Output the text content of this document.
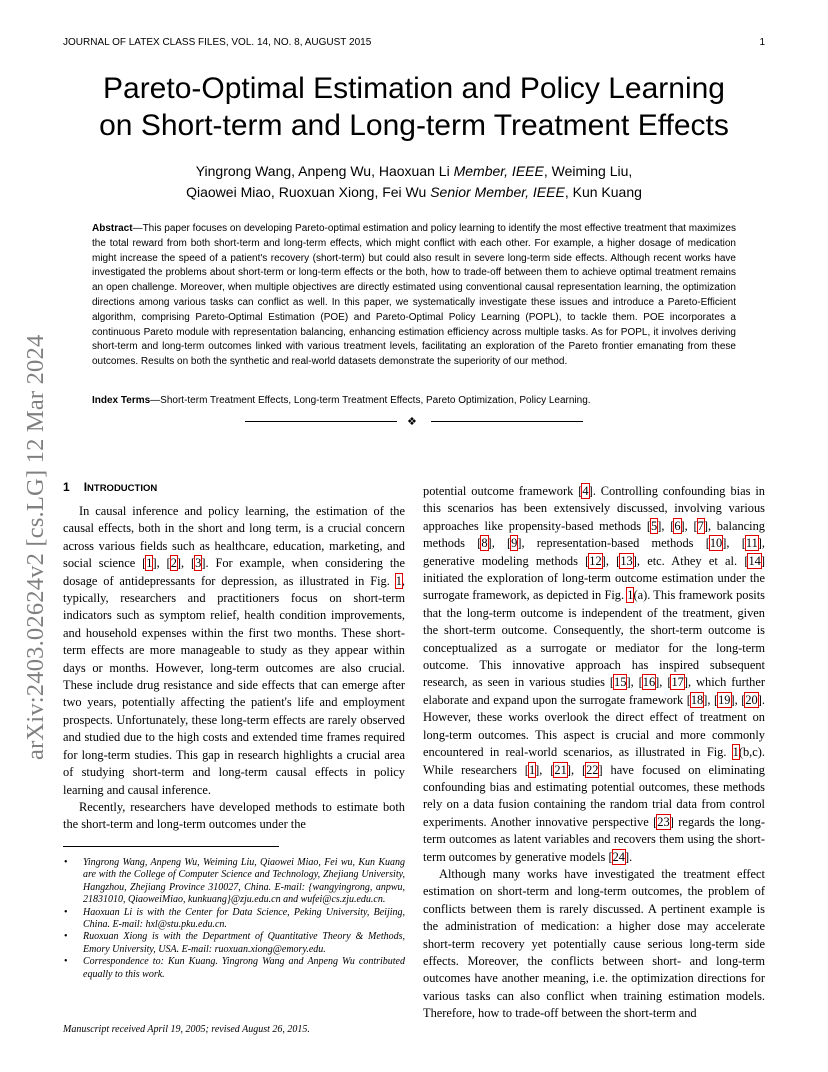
JOURNAL OF LATEX CLASS FILES, VOL. 14, NO. 8, AUGUST 2015	1
arXiv:2403.02624v2 [cs.LG] 12 Mar 2024
Pareto-Optimal Estimation and Policy Learning
on Short-term and Long-term Treatment Effects
Yingrong Wang, Anpeng Wu, Haoxuan Li Member, IEEE, Weiming Liu,
Qiaowei Miao, Ruoxuan Xiong, Fei Wu Senior Member, IEEE, Kun Kuang
Abstract—This paper focuses on developing Pareto-optimal estimation and policy learning to identify the most effective treatment that maximizes the total reward from both short-term and long-term effects, which might conflict with each other. For example, a higher dosage of medication might increase the speed of a patient's recovery (short-term) but could also result in severe long-term side effects. Although recent works have investigated the problems about short-term or long-term effects or the both, how to trade-off between them to achieve optimal treatment remains an open challenge. Moreover, when multiple objectives are directly estimated using conventional causal representation learning, the optimization directions among various tasks can conflict as well. In this paper, we systematically investigate these issues and introduce a Pareto-Efficient algorithm, comprising Pareto-Optimal Estimation (POE) and Pareto-Optimal Policy Learning (POPL), to tackle them. POE incorporates a continuous Pareto module with representation balancing, enhancing estimation efficiency across multiple tasks. As for POPL, it involves deriving short-term and long-term outcomes linked with various treatment levels, facilitating an exploration of the Pareto frontier emanating from these outcomes. Results on both the synthetic and real-world datasets demonstrate the superiority of our method.
Index Terms—Short-term Treatment Effects, Long-term Treatment Effects, Pareto Optimization, Policy Learning.
❖
1 INTRODUCTION

In causal inference and policy learning, the estimation of the causal effects, both in the short and long term, is a crucial concern across various fields such as healthcare, education, marketing, and social science [ 1 ] , [ 2 ] , [ 3 ] . For example, when considering the dosage of antidepressants for depression, as illustrated in Fig. 1, typically, researchers and practitioners focus on short-term indicators such as symptom relief, health condition improvements, and household expenses within the first two months. These short-term effects are more manageable to study as they appear within days or months. However, long-term outcomes are also crucial. These include drug resistance and side effects that can emerge after two years, potentially affecting the patient's life and employment prospects. Unfortunately, these long-term effects are rarely observed and studied due to the high costs and extended time frames required for long-term studies. This gap in research highlights a crucial area of studying short-term and long-term causal effects in policy learning and causal inference.

Recently, researchers have developed methods to estimate both the short-term and long-term outcomes under the

potential outcome framework [ 4 ] . Controlling confounding bias in this scenarios has been extensively discussed, involving various approaches like propensity-based methods [ 5 ] , [ 6 ] , [ 7 ] , balancing methods [ 8 ] , [ 9 ] , representation-based methods [ 10 ] , [ 11 ] , generative modeling methods [ 12 ] , [ 13 ] , etc. Athey et al. [ 14 ] initiated the exploration of long-term outcome estimation under the surrogate framework, as depicted in Fig. 1(a). This framework posits that the long-term outcome is independent of the treatment, given the short-term outcome. Consequently, the short-term outcome is conceptualized as a surrogate or mediator for the long-term outcome. This innovative approach has inspired subsequent research, as seen in various studies [ 15 ] , [ 16 ] , [ 17 ] , which further elaborate and expand upon the surrogate framework [ 18 ] , [ 19 ] , [ 20 ] . However, these works overlook the direct effect of treatment on long-term outcomes. This aspect is crucial and more commonly encountered in real-world scenarios, as illustrated in Fig. 1(b,c). While researchers [ 1 ] , [ 21 ] , [ 22 ] have focused on eliminating confounding bias and estimating potential outcomes, these methods rely on a data fusion containing the random trial data from control experiments. Another innovative perspective [ 23 ] regards the long-term outcomes as latent variables and recovers them using the short-term outcomes by generative models [ 24 ] .

Although many works have investigated the treatment effect estimation on short-term and long-term outcomes, the problem of conflicts between them is rarely discussed. A pertinent example is the administration of medication: a higher dose may accelerate short-term recovery yet potentially cause serious long-term side effects. Moreover, the conflicts between short- and long-term outcomes have another meaning, i.e. the optimization directions for various tasks can also conflict when training estimation models. Therefore, how to trade-off between the short-term and

• Yingrong Wang, Anpeng Wu, Weiming Liu, Qiaowei Miao, Fei wu, Kun Kuang are with the College of Computer Science and Technology, Zhejiang University, Hangzhou, Zhejiang Province 310027, China. E-mail: {wangyingrong, anpwu, 21831010, QiaoweiMiao, kunkuang}@zju.edu.cn and wufei@cs.zju.edu.cn.
• Haoxuan Li is with the Center for Data Science, Peking University, Beijing, China. E-mail: hxl@stu.pku.edu.cn.
• Ruoxuan Xiong is with the Department of Quantitative Theory & Methods, Emory University, USA. E-mail: ruoxuan.xiong@emory.edu.
• Correspondence to: Kun Kuang. Yingrong Wang and Anpeng Wu contributed equally to this work.
Manuscript received April 19, 2005; revised August 26, 2015.
